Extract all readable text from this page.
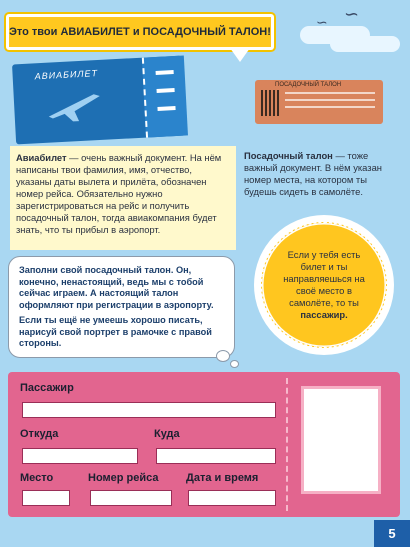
∽ ∽
Это твои АВИАБИЛЕТ и ПОСАДОЧНЫЙ ТАЛОН!
АВИАБИЛЕТ
ПОСАДОЧНЫЙ ТАЛОН
Авиабилет — очень важный документ. На нём написаны твои фамилия, имя, отчество, указаны даты вылета и прилёта, обозначен номер рейса. Обязательно нужно зарегистрироваться на рейс и получить посадочный талон, тогда авиакомпания будет знать, что ты прибыл в аэропорт.
Посадочный талон — тоже важный документ. В нём указан номер места, на котором ты будешь сидеть в самолёте.
Если у тебя есть билет и ты направляешься на своё место в самолёте, то ты пассажир.
Заполни свой посадочный талон. Он, конечно, ненастоящий, ведь мы с тобой сейчас играем. А настоящий талон оформляют при регистрации в аэропорту.
Если ты ещё не умеешь хорошо писать, нарисуй свой портрет в рамочке с правой стороны.
Пассажир
Откуда	Куда
Место	Номер рейса Дата и время
5
